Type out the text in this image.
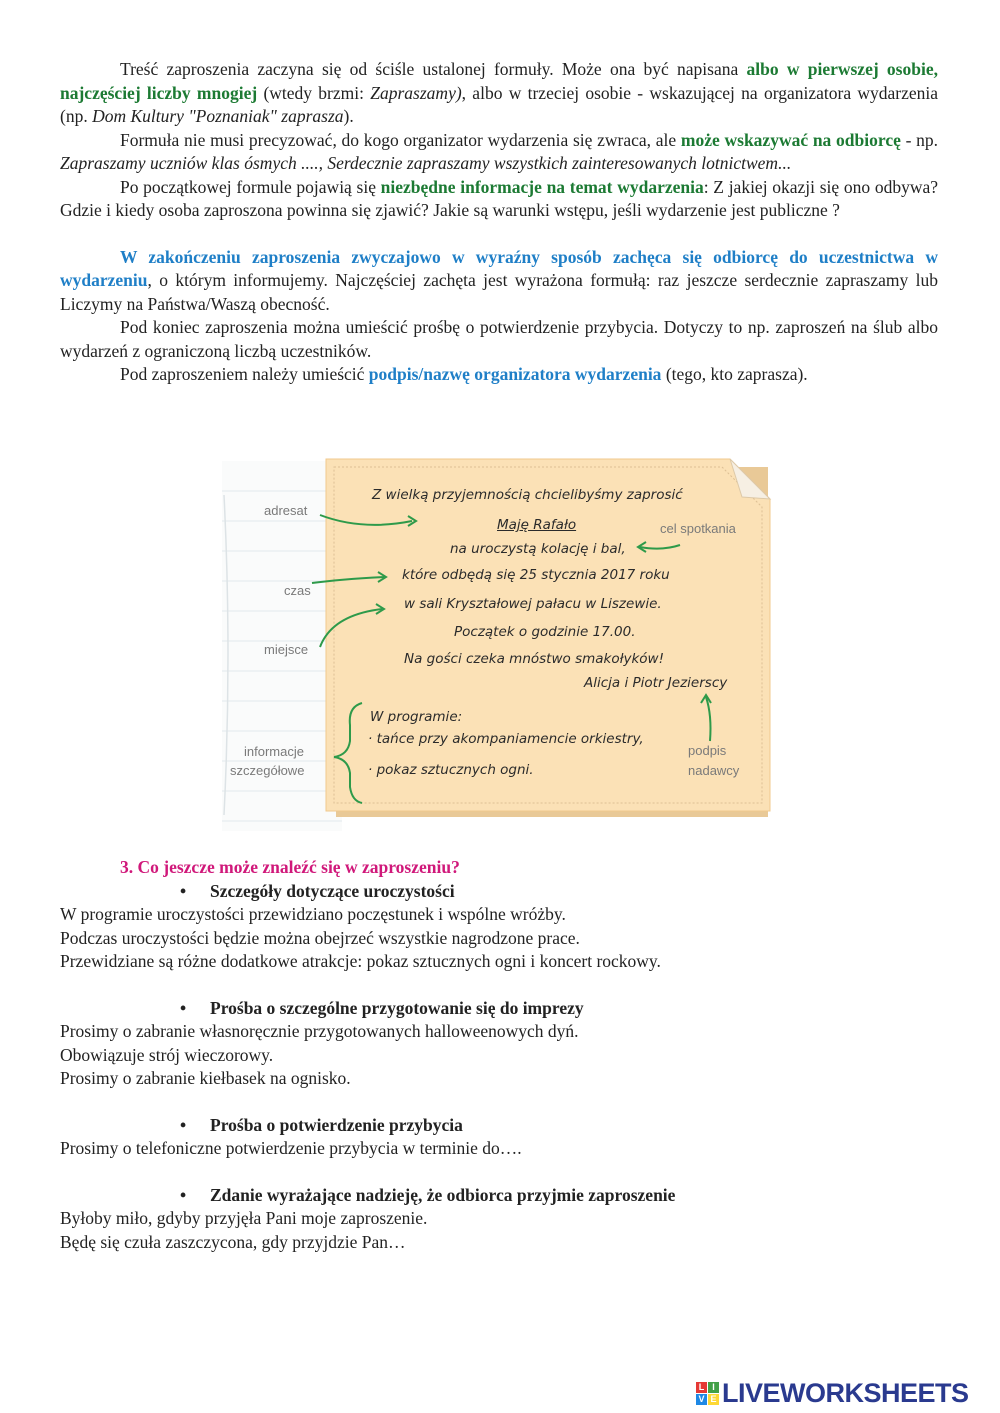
Treść zaproszenia zaczyna się od ściśle ustalonej formuły. Może ona być napisana albo w pierwszej osobie, najczęściej liczby mnogiej (wtedy brzmi: Zapraszamy), albo w trzeciej osobie - wskazującej na organizatora wydarzenia (np. Dom Kultury "Poznaniak" zaprasza).

Formuła nie musi precyzować, do kogo organizator wydarzenia się zwraca, ale może wskazywać na odbiorcę - np. Zapraszamy uczniów klas ósmych ...., Serdecznie zapraszamy wszystkich zainteresowanych lotnictwem...

Po początkowej formule pojawią się niezbędne informacje na temat wydarzenia: Z jakiej okazji się ono odbywa? Gdzie i kiedy osoba zaproszona powinna się zjawić? Jakie są warunki wstępu, jeśli wydarzenie jest publiczne ?

W zakończeniu zaproszenia zwyczajowo w wyraźny sposób zachęca się odbiorcę do uczestnictwa w wydarzeniu, o którym informujemy. Najczęściej zachęta jest wyrażona formułą: raz jeszcze serdecznie zapraszamy lub Liczymy na Państwa/Waszą obecność.

Pod koniec zaproszenia można umieścić prośbę o potwierdzenie przybycia. Dotyczy to np. zaproszeń na ślub albo wydarzeń z ograniczoną liczbą uczestników.

Pod zaproszeniem należy umieścić podpis/nazwę organizatora wydarzenia (tego, kto zaprasza).

Z wielką przyjemnością chcielibyśmy zaprosić
Maję Rafało
na uroczystą kolację i bal,
które odbędą się 25 stycznia 2017 roku
w sali Kryształowej pałacu w Liszewie.
Początek o godzinie 17.00.
Na gości czeka mnóstwo smakołyków!
Alicja i Piotr Jezierscy
W programie:
· tańce przy akompaniamencie orkiestry,
· pokaz sztucznych ogni.
adresat
czas
miejsce
informacje
szczegółowe
cel spotkania
podpis
nadawcy
3. Co jeszcze może znaleźć się w zaproszeniu?
• Szczegóły dotyczące uroczystości

W programie uroczystości przewidziano poczęstunek i wspólne wróżby.

Podczas uroczystości będzie można obejrzeć wszystkie nagrodzone prace.

Przewidziane są różne dodatkowe atrakcje: pokaz sztucznych ogni i koncert rockowy.

• Prośba o szczególne przygotowanie się do imprezy

Prosimy o zabranie własnoręcznie przygotowanych halloweenowych dyń.

Obowiązuje strój wieczorowy.

Prosimy o zabranie kiełbasek na ognisko.

• Prośba o potwierdzenie przybycia

Prosimy o telefoniczne potwierdzenie przybycia w terminie do….

• Zdanie wyrażające nadzieję, że odbiorca przyjmie zaproszenie

Byłoby miło, gdyby przyjęła Pani moje zaproszenie.

Będę się czuła zaszczycona, gdy przyjdzie Pan…

L I
V E LIVEWORKSHEETS
